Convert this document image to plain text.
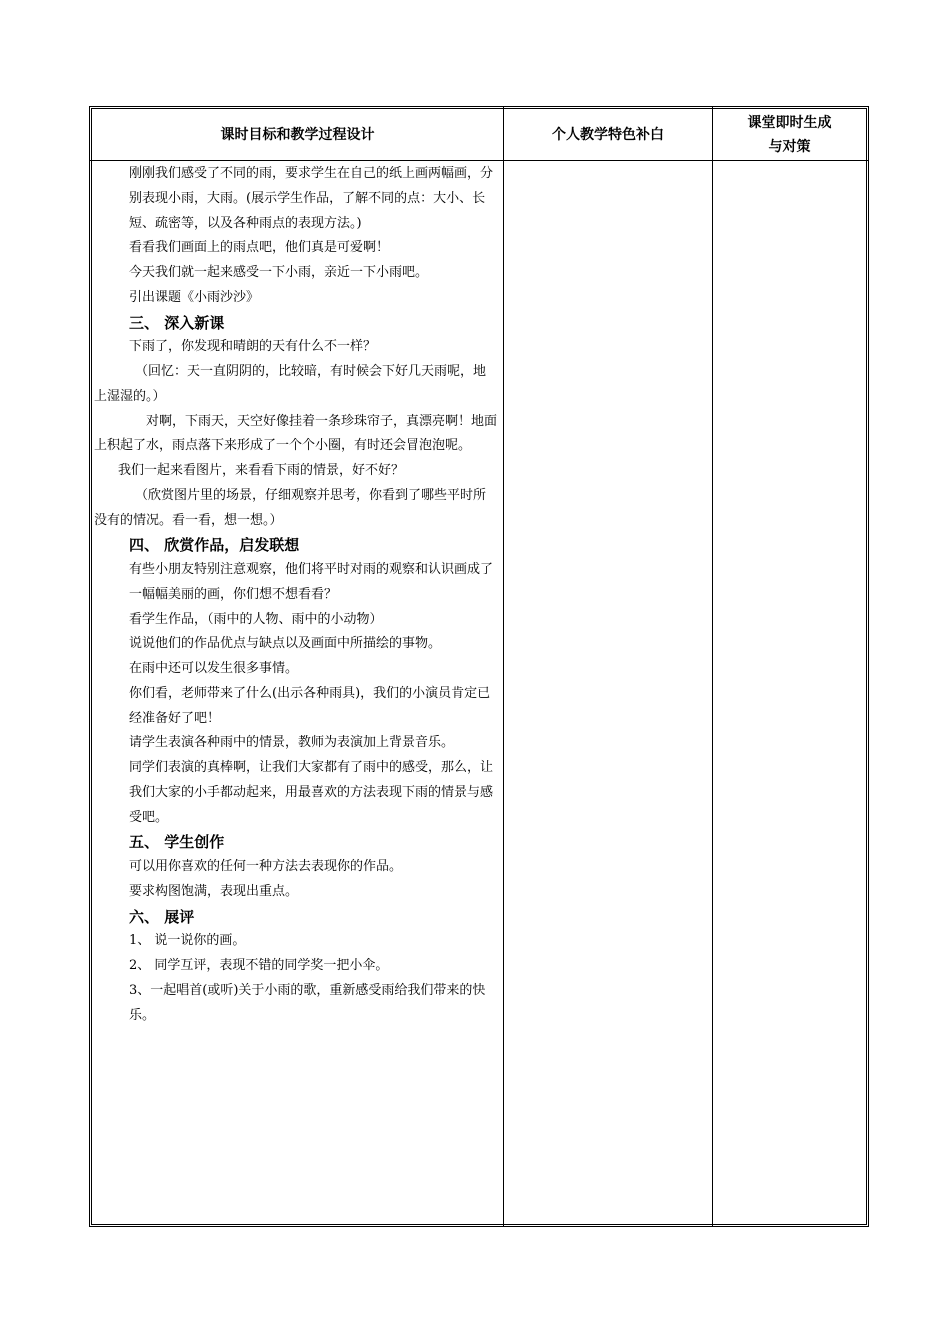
课时目标和教学过程设计	个人教学特色补白
课堂即时生成
与对策

刚刚我们感受了不同的雨，要求学生在自己的纸上画两幅画，分别表现小雨，大雨。(展示学生作品，了解不同的点：大小、长短、疏密等，以及各种雨点的表现方法。)

看看我们画面上的雨点吧，他们真是可爱啊！

今天我们就一起来感受一下小雨，亲近一下小雨吧。

引出课题《小雨沙沙》

三、 深入新课

下雨了，你发现和晴朗的天有什么不一样？

（回忆：天一直阴阴的，比较暗，有时候会下好几天雨呢，地上湿湿的。）

对啊，下雨天，天空好像挂着一条珍珠帘子，真漂亮啊！地面上积起了水，雨点落下来形成了一个个小圈，有时还会冒泡泡呢。

我们一起来看图片，来看看下雨的情景，好不好？

（欣赏图片里的场景，仔细观察并思考，你看到了哪些平时所没有的情况。看一看，想一想。）

四、 欣赏作品，启发联想

有些小朋友特别注意观察，他们将平时对雨的观察和认识画成了一幅幅美丽的画，你们想不想看看？

看学生作品，（雨中的人物、雨中的小动物）

说说他们的作品优点与缺点以及画面中所描绘的事物。

在雨中还可以发生很多事情。

你们看，老师带来了什么(出示各种雨具)，我们的小演员肯定已经准备好了吧！

请学生表演各种雨中的情景，教师为表演加上背景音乐。

同学们表演的真棒啊，让我们大家都有了雨中的感受，那么，让我们大家的小手都动起来，用最喜欢的方法表现下雨的情景与感受吧。

五、 学生创作

可以用你喜欢的任何一种方法去表现你的作品。

要求构图饱满，表现出重点。

六、 展评

1、 说一说你的画。

2、 同学互评，表现不错的同学奖一把小伞。

3、一起唱首(或听)关于小雨的歌，重新感受雨给我们带来的快乐。
